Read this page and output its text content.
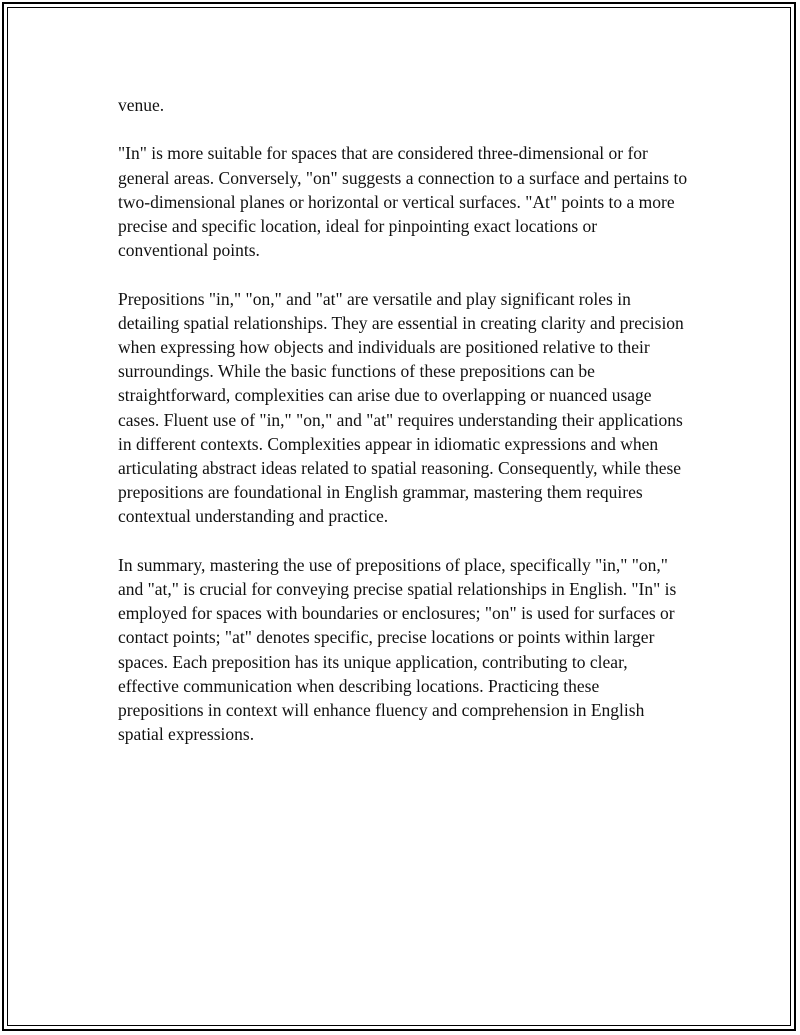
venue.

"In" is more suitable for spaces that are considered three-dimensional or for general areas. Conversely, "on" suggests a connection to a surface and pertains to two-dimensional planes or horizontal or vertical surfaces. "At" points to a more precise and specific location, ideal for pinpointing exact locations or conventional points.

Prepositions "in," "on," and "at" are versatile and play significant roles in detailing spatial relationships. They are essential in creating clarity and precision when expressing how objects and individuals are positioned relative to their surroundings. While the basic functions of these prepositions can be straightforward, complexities can arise due to overlapping or nuanced usage cases. Fluent use of "in," "on," and "at" requires understanding their applications in different contexts. Complexities appear in idiomatic expressions and when articulating abstract ideas related to spatial reasoning. Consequently, while these prepositions are foundational in English grammar, mastering them requires contextual understanding and practice.

In summary, mastering the use of prepositions of place, specifically "in," "on," and "at," is crucial for conveying precise spatial relationships in English. "In" is employed for spaces with boundaries or enclosures; "on" is used for surfaces or contact points; "at" denotes specific, precise locations or points within larger spaces. Each preposition has its unique application, contributing to clear, effective communication when describing locations. Practicing these prepositions in context will enhance fluency and comprehension in English spatial expressions.
